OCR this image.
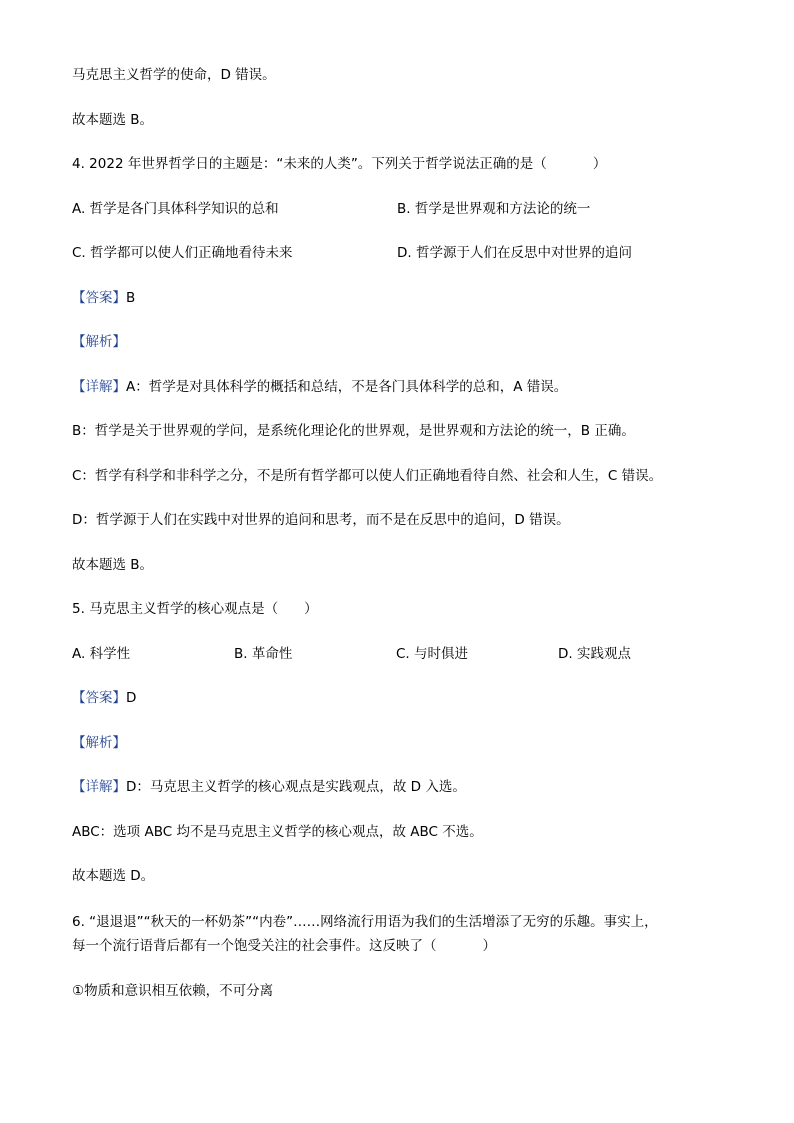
马克思主义哲学的使命，D 错误。
故本题选 B。
4. 2022 年世界哲学日的主题是：“未来的人类”。下列关于哲学说法正确的是（	）
A. 哲学是各门具体科学知识的总和	B. 哲学是世界观和方法论的统一
C. 哲学都可以使人们正确地看待未来	D. 哲学源于人们在反思中对世界的追问
【答案】B
【解析】
【详解】A：哲学是对具体科学的概括和总结，不是各门具体科学的总和，A 错误。
B：哲学是关于世界观的学问，是系统化理论化的世界观，是世界观和方法论的统一，B 正确。
C：哲学有科学和非科学之分，不是所有哲学都可以使人们正确地看待自然、社会和人生，C 错误。
D：哲学源于人们在实践中对世界的追问和思考，而不是在反思中的追问，D 错误。
故本题选 B。
5. 马克思主义哲学的核心观点是（ ）
A. 科学性	B. 革命性	C. 与时俱进	D. 实践观点
【答案】D
【解析】
【详解】D：马克思主义哲学的核心观点是实践观点，故 D 入选。
ABC：选项 ABC 均不是马克思主义哲学的核心观点，故 ABC 不选。
故本题选 D。
6. “退退退”“秋天的一杯奶茶”“内卷”……网络流行用语为我们的生活增添了无穷的乐趣。事实上，
每一个流行语背后都有一个饱受关注的社会事件。这反映了（	）
①物质和意识相互依赖，不可分离
